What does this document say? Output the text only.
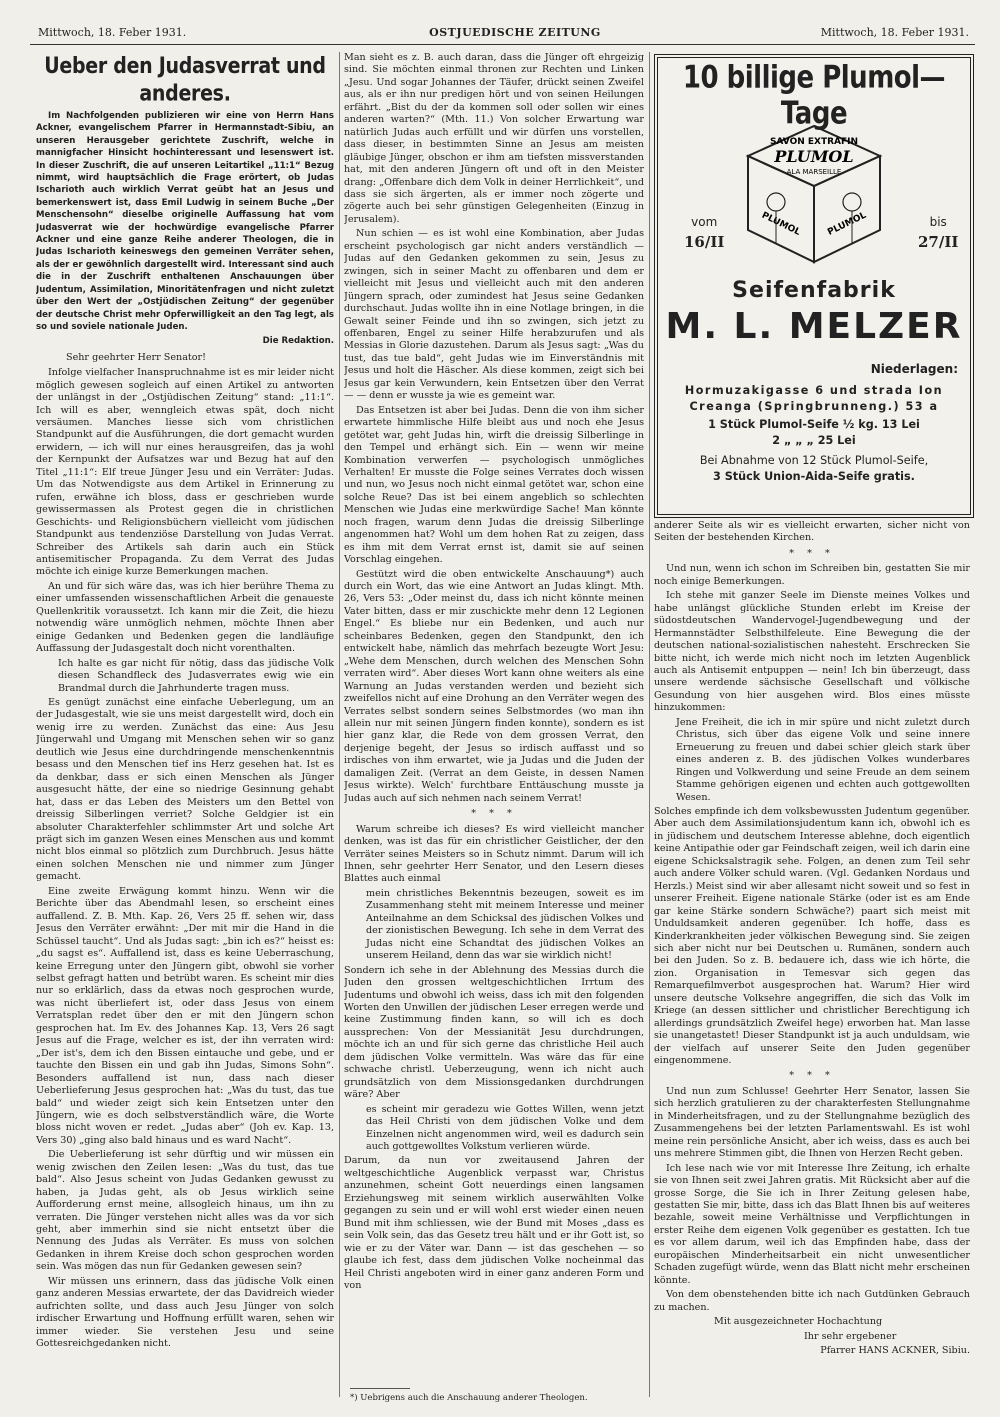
Mittwoch, 18. Feber 1931.	OSTJUEDISCHE ZEITUNG	Mittwoch, 18. Feber 1931.
Ueber den Judasverrat und anderes.

Im Nachfolgenden publizieren wir eine von Herrn Hans Ackner, evangelischem Pfarrer in Hermannstadt-Sibiu, an unseren Herausgeber gerichtete Zuschrift, welche in mannigfacher Hinsicht hochinteressant und lesenswert ist. In dieser Zuschrift, die auf unseren Leitartikel „11:1“ Bezug nimmt, wird hauptsächlich die Frage erörtert, ob Judas Ischarioth auch wirklich Verrat geübt hat an Jesus und bemerkenswert ist, dass Emil Ludwig in seinem Buche „Der Menschensohn“ dieselbe originelle Auffassung hat vom Judasverrat wie der hochwürdige evangelische Pfarrer Ackner und eine ganze Reihe anderer Theologen, die in Judas Ischarioth keineswegs den gemeinen Verräter sehen, als der er gewöhnlich dargestellt wird. Interessant sind auch die in der Zuschrift enthaltenen Anschauungen über Judentum, Assimilation, Minoritätenfragen und nicht zuletzt über den Wert der „Ostjüdischen Zeitung“ der gegenüber der deutsche Christ mehr Opferwilligkeit an den Tag legt, als so und soviele nationale Juden.

Die Redaktion.

Sehr geehrter Herr Senator!

Infolge vielfacher Inanspruchnahme ist es mir leider nicht möglich gewesen sogleich auf einen Artikel zu antworten der unlängst in der „Ostjüdischen Zeitung“ stand: „11:1“. Ich will es aber, wenngleich etwas spät, doch nicht versäumen. Manches liesse sich vom christlichen Standpunkt auf die Ausführungen, die dort gemacht wurden erwidern, — ich will nur eines herausgreifen, das ja wohl der Kernpunkt der Aufsatzes war und Bezug hat auf den Titel „11:1“: Elf treue Jünger Jesu und ein Verräter: Judas. Um das Notwendigste aus dem Artikel in Erinnerung zu rufen, erwähne ich bloss, dass er geschrieben wurde gewissermassen als Protest gegen die in christlichen Geschichts- und Religionsbüchern vielleicht vom jüdischen Standpunkt aus tendenziöse Darstellung von Judas Verrat. Schreiber des Artikels sah darin auch ein Stück antisemitischer Propaganda. Zu dem Verrat des Judas möchte ich einige kurze Bemerkungen machen.

An und für sich wäre das, was ich hier berühre Thema zu einer umfassenden wissenschaftlichen Arbeit die genaueste Quellenkritik voraussetzt. Ich kann mir die Zeit, die hiezu notwendig wäre unmöglich nehmen, möchte Ihnen aber einige Gedanken und Bedenken gegen die landläufige Auffassung der Judasgestalt doch nicht vorenthalten.

Ich halte es gar nicht für nötig, dass das jüdische Volk diesen Schandfleck des Judasverrates ewig wie ein Brandmal durch die Jahrhunderte tragen muss.

Es genügt zunächst eine einfache Ueberlegung, um an der Judasgestalt, wie sie uns meist dargestellt wird, doch ein wenig irre zu werden. Zunächst das eine: Aus Jesu Jüngerwahl und Umgang mit Menschen sehen wir so ganz deutlich wie Jesus eine durchdringende menschenkenntnis besass und den Menschen tief ins Herz gesehen hat. Ist es da denkbar, dass er sich einen Menschen als Jünger ausgesucht hätte, der eine so niedrige Gesinnung gehabt hat, dass er das Leben des Meisters um den Bettel von dreissig Silberlingen verriet? Solche Geldgier ist ein absoluter Charakterfehler schlimmster Art und solche Art prägt sich im ganzen Wesen eines Menschen aus und kommt nicht blos einmal so plötzlich zum Durchbruch. Jesus hätte einen solchen Menschen nie und nimmer zum Jünger gemacht.

Eine zweite Erwägung kommt hinzu. Wenn wir die Berichte über das Abendmahl lesen, so erscheint eines auffallend. Z. B. Mth. Kap. 26, Vers 25 ff. sehen wir, dass Jesus den Verräter erwähnt: „Der mit mir die Hand in die Schüssel taucht“. Und als Judas sagt: „bin ich es?“ heisst es: „du sagst es“. Auffallend ist, dass es keine Ueberraschung, keine Erregung unter den Jüngern gibt, obwohl sie vorher selbst gefragt hatten und betrübt waren. Es scheint mir dies nur so erklärlich, dass da etwas noch gesprochen wurde, was nicht überliefert ist, oder dass Jesus von einem Verratsplan redet über den er mit den Jüngern schon gesprochen hat. Im Ev. des Johannes Kap. 13, Vers 26 sagt Jesus auf die Frage, welcher es ist, der ihn verraten wird: „Der ist's, dem ich den Bissen eintauche und gebe, und er tauchte den Bissen ein und gab ihn Judas, Simons Sohn“. Besonders auffallend ist nun, dass nach dieser Ueberlieferung Jesus gesprochen hat: „Was du tust, das tue bald“ und wieder zeigt sich kein Entsetzen unter den Jüngern, wie es doch selbstverständlich wäre, die Worte bloss nicht woven er redet. „Judas aber“ (Joh ev. Kap. 13, Vers 30) „ging also bald hinaus und es ward Nacht“.

Die Ueberlieferung ist sehr dürftig und wir müssen ein wenig zwischen den Zeilen lesen: „Was du tust, das tue bald“. Also Jesus scheint von Judas Gedanken gewusst zu haben, ja Judas geht, als ob Jesus wirklich seine Aufforderung ernst meine, allsogleich hinaus, um ihn zu verraten. Die Jünger verstehen nicht alles was da vor sich geht, aber immerhin sind sie nicht entsetzt über die Nennung des Judas als Verräter. Es muss von solchen Gedanken in ihrem Kreise doch schon gesprochen worden sein. Was mögen das nun für Gedanken gewesen sein?

Wir müssen uns erinnern, dass das jüdische Volk einen ganz anderen Messias erwartete, der das Davidreich wieder aufrichten sollte, und dass auch Jesu Jünger von solch irdischer Erwartung und Hoffnung erfüllt waren, sehen wir immer wieder. Sie verstehen Jesu und seine Gottesreichgedanken nicht.

Man sieht es z. B. auch daran, dass die Jünger oft ehrgeizig sind. Sie möchten einmal thronen zur Rechten und Linken „Jesu. Und sogar Johannes der Täufer, drückt seinen Zweifel aus, als er ihn nur predigen hört und von seinen Heilungen erfährt. „Bist du der da kommen soll oder sollen wir eines anderen warten?“ (Mth. 11.) Von solcher Erwartung war natürlich Judas auch erfüllt und wir dürfen uns vorstellen, dass dieser, in bestimmten Sinne an Jesus am meisten gläubige Jünger, obschon er ihm am tiefsten missverstanden hat, mit den anderen Jüngern oft und oft in den Meister drang: „Offenbare dich dem Volk in deiner Herrlichkeit“, und dass sie sich ärgerten, als er immer noch zögerte und zögerte auch bei sehr günstigen Gelegenheiten (Einzug in Jerusalem).

Nun schien — es ist wohl eine Kombination, aber Judas erscheint psychologisch gar nicht anders verständlich — Judas auf den Gedanken gekommen zu sein, Jesus zu zwingen, sich in seiner Macht zu offenbaren und dem er vielleicht mit Jesus und vielleicht auch mit den anderen Jüngern sprach, oder zumindest hat Jesus seine Gedanken durchschaut. Judas wollte ihn in eine Notlage bringen, in die Gewalt seiner Feinde und ihn so zwingen, sich jetzt zu offenbaren, Engel zu seiner Hilfe herabzurufen und als Messias in Glorie dazustehen. Darum als Jesus sagt: „Was du tust, das tue bald“, geht Judas wie im Einverständnis mit Jesus und holt die Häscher. Als diese kommen, zeigt sich bei Jesus gar kein Verwundern, kein Entsetzen über den Verrat — — denn er wusste ja wie es gemeint war.

Das Entsetzen ist aber bei Judas. Denn die von ihm sicher erwartete himmlische Hilfe bleibt aus und noch ehe Jesus getötet war, geht Judas hin, wirft die dreissig Silberlinge in den Tempel und erhängt sich. Ein — wenn wir meine Kombination verwerfen — psychologisch unmögliches Verhalten! Er musste die Folge seines Verrates doch wissen und nun, wo Jesus noch nicht einmal getötet war, schon eine solche Reue? Das ist bei einem angeblich so schlechten Menschen wie Judas eine merkwürdige Sache! Man könnte noch fragen, warum denn Judas die dreissig Silberlinge angenommen hat? Wohl um dem hohen Rat zu zeigen, dass es ihm mit dem Verrat ernst ist, damit sie auf seinen Vorschlag eingehen.

Gestützt wird die oben entwickelte Anschauung*) auch durch ein Wort, das wie eine Antwort an Judas klingt. Mth. 26, Vers 53: „Oder meinst du, dass ich nicht könnte meinen Vater bitten, dass er mir zuschickte mehr denn 12 Legionen Engel.“ Es bliebe nur ein Bedenken, und auch nur scheinbares Bedenken, gegen den Standpunkt, den ich entwickelt habe, nämlich das mehrfach bezeugte Wort Jesu: „Wehe dem Menschen, durch welchen des Menschen Sohn verraten wird“. Aber dieses Wort kann ohne weiters als eine Warnung an Judas verstanden werden und bezieht sich zweifellos nicht auf eine Drohung an den Verräter wegen des Verrates selbst sondern seines Selbstmordes (wo man ihn allein nur mit seinen Jüngern finden konnte), sondern es ist hier ganz klar, die Rede von dem grossen Verrat, den derjenige begeht, der Jesus so irdisch auffasst und so irdisches von ihm erwartet, wie ja Judas und die Juden der damaligen Zeit. (Verrat an dem Geiste, in dessen Namen Jesus wirkte). Welch' furchtbare Enttäuschung musste ja Judas auch auf sich nehmen nach seinem Verrat!

* * *

Warum schreibe ich dieses? Es wird vielleicht mancher denken, was ist das für ein christlicher Geistlicher, der den Verräter seines Meisters so in Schutz nimmt. Darum will ich Ihnen, sehr geehrter Herr Senator, und den Lesern dieses Blattes auch einmal

mein christliches Bekenntnis bezeugen, soweit es im Zusammenhang steht mit meinem Interesse und meiner Anteilnahme an dem Schicksal des jüdischen Volkes und der zionistischen Bewegung. Ich sehe in dem Verrat des Judas nicht eine Schandtat des jüdischen Volkes an unserem Heiland, denn das war sie wirklich nicht!

Sondern ich sehe in der Ablehnung des Messias durch die Juden den grossen weltgeschichtlichen Irrtum des Judentums und obwohl ich weiss, dass ich mit den folgenden Worten den Unwillen der jüdischen Leser erregen werde und keine Zustimmung finden kann, so will ich es doch aussprechen: Von der Messianität Jesu durchdrungen, möchte ich an und für sich gerne das christliche Heil auch dem jüdischen Volke vermitteln. Was wäre das für eine schwache christl. Ueberzeugung, wenn ich nicht auch grundsätzlich von dem Missionsgedanken durchdrungen wäre? Aber

es scheint mir geradezu wie Gottes Willen, wenn jetzt das Heil Christi von dem jüdischen Volke und dem Einzelnen nicht angenommen wird, weil es dadurch sein auch gottgewolltes Volkstum verlieren würde.

Darum, da nun vor zweitausend Jahren der weltgeschichtliche Augenblick verpasst war, Christus anzunehmen, scheint Gott neuerdings einen langsamen Erziehungsweg mit seinem wirklich auserwählten Volke gegangen zu sein und er will wohl erst wieder einen neuen Bund mit ihm schliessen, wie der Bund mit Moses „dass es sein Volk sein, das das Gesetz treu hält und er ihr Gott ist, so wie er zu der Väter war. Dann — ist das geschehen — so glaube ich fest, dass dem jüdischen Volke nocheinmal das Heil Christi angeboten wird in einer ganz anderen Form und von

*) Uebrigens auch die Anschauung anderer Theologen.
10 billige Plumol—Tage
vom
16/II
bis
27/II
SAVON EXTRAFIN
PLUMOL
ALA MARSEILLE
PLUMOL	PLUMOL
Seifenfabrik
M. L. MELZER
Niederlagen:
Hormuzakigasse 6 und strada Ion
Creanga (Springbrunneng.) 53 a
1 Stück Plumol-Seife ½ kg. 13 Lei
2 „ „ „ 25 Lei
Bei Abnahme von 12 Stück Plumol-Seife,
3 Stück Union-Aida-Seife gratis.

anderer Seite als wir es vielleicht erwarten, sicher nicht von Seiten der bestehenden Kirchen.

* * *

Und nun, wenn ich schon im Schreiben bin, gestatten Sie mir noch einige Bemerkungen.

Ich stehe mit ganzer Seele im Dienste meines Volkes und habe unlängst glückliche Stunden erlebt im Kreise der südostdeutschen Wandervogel-Jugendbewegung und der Hermannstädter Selbsthilfeleute. Eine Bewegung die der deutschen national-sozialistischen nahesteht. Erschrecken Sie bitte nicht, ich werde mich nicht noch im letzten Augenblick auch als Antisemit entpuppen — nein! Ich bin überzeugt, dass unsere werdende sächsische Gesellschaft und völkische Gesundung von hier ausgehen wird. Blos eines müsste hinzukommen:

Jene Freiheit, die ich in mir spüre und nicht zuletzt durch Christus, sich über das eigene Volk und seine innere Erneuerung zu freuen und dabei schier gleich stark über eines anderen z. B. des jüdischen Volkes wunderbares Ringen und Volkwerdung und seine Freude an dem seinem Stamme gehörigen eigenen und echten auch gottgewollten Wesen.

Solches empfinde ich dem volksbewussten Judentum gegenüber. Aber auch dem Assimilationsjudentum kann ich, obwohl ich es in jüdischem und deutschem Interesse ablehne, doch eigentlich keine Antipathie oder gar Feindschaft zeigen, weil ich darin eine eigene Schicksalstragik sehe. Folgen, an denen zum Teil sehr auch andere Völker schuld waren. (Vgl. Gedanken Nordaus und Herzls.) Meist sind wir aber allesamt nicht soweit und so fest in unserer Freiheit. Eigene nationale Stärke (oder ist es am Ende gar keine Stärke sondern Schwäche?) paart sich meist mit Unduldsamkeit anderen gegenüber. Ich hoffe, dass es Kinderkrankheiten jeder völkischen Bewegung sind. Sie zeigen sich aber nicht nur bei Deutschen u. Rumänen, sondern auch bei den Juden. So z. B. bedauere ich, dass wie ich hörte, die zion. Organisation in Temesvar sich gegen das Remarquefilmverbot ausgesprochen hat. Warum? Hier wird unsere deutsche Volksehre angegriffen, die sich das Volk im Kriege (an dessen sittlicher und christlicher Berechtigung ich allerdings grundsätzlich Zweifel hege) erworben hat. Man lasse sie unangetastet! Dieser Standpunkt ist ja auch unduldsam, wie der vielfach auf unserer Seite den Juden gegenüber eingenommene.

* * *

Und nun zum Schlusse! Geehrter Herr Senator, lassen Sie sich herzlich gratulieren zu der charakterfesten Stellungnahme in Minderheitsfragen, und zu der Stellungnahme bezüglich des Zusammengehens bei der letzten Parlamentswahl. Es ist wohl meine rein persönliche Ansicht, aber ich weiss, dass es auch bei uns mehrere Stimmen gibt, die Ihnen von Herzen Recht geben.

Ich lese nach wie vor mit Interesse Ihre Zeitung, ich erhalte sie von Ihnen seit zwei Jahren gratis. Mit Rücksicht aber auf die grosse Sorge, die Sie ich in Ihrer Zeitung gelesen habe, gestatten Sie mir, bitte, dass ich das Blatt Ihnen bis auf weiteres bezahle, soweit meine Verhältnisse und Verpflichtungen in erster Reihe dem eigenen Volk gegenüber es gestatten. Ich tue es vor allem darum, weil ich das Empfinden habe, dass der europäischen Minderheitsarbeit ein nicht unwesentlicher Schaden zugefügt würde, wenn das Blatt nicht mehr erscheinen könnte.

Von dem obenstehenden bitte ich nach Gutdünken Gebrauch zu machen.

Mit ausgezeichneter Hochachtung

Ihr sehr ergebener

Pfarrer HANS ACKNER, Sibiu.
